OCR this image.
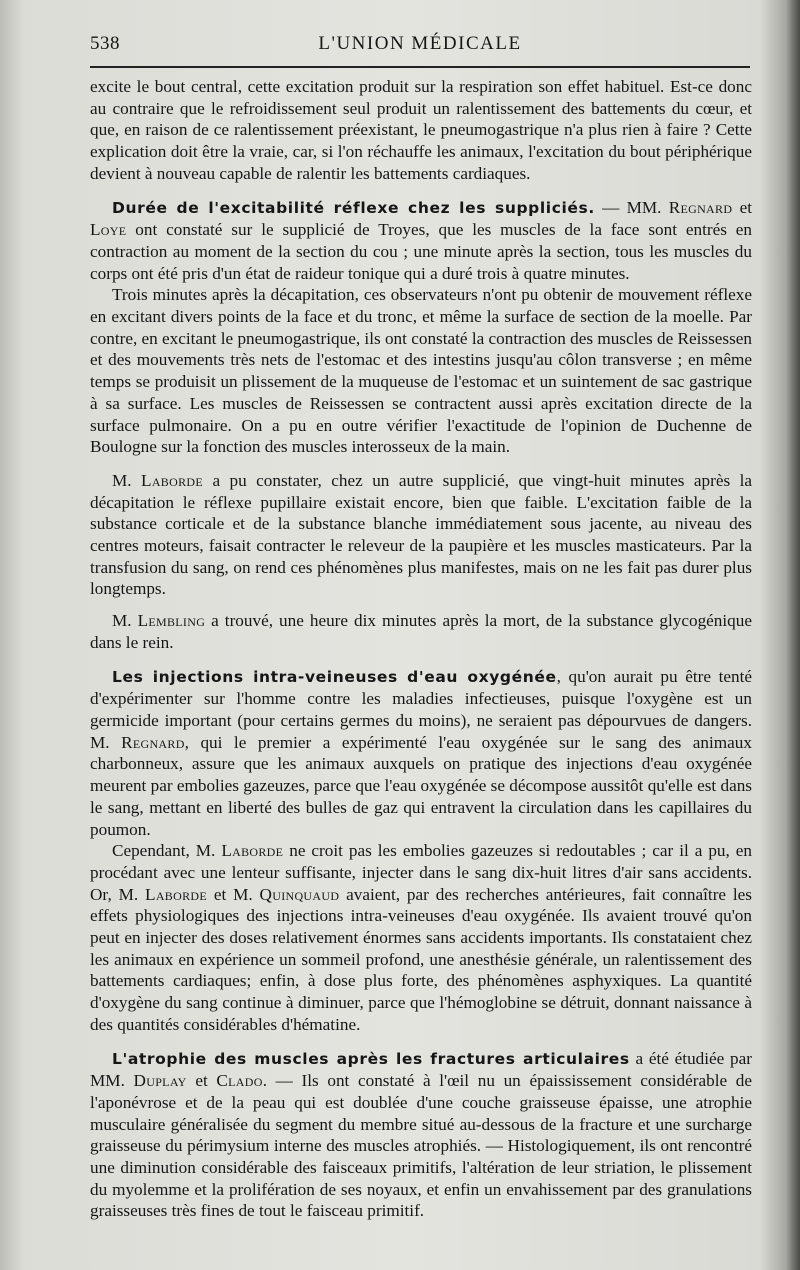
538	L'UNION MÉDICALE

excite le bout central, cette excitation produit sur la respiration son effet habituel. Est-ce donc au contraire que le refroidissement seul produit un ralentissement des battements du cœur, et que, en raison de ce ralentissement préexistant, le pneumogastrique n'a plus rien à faire ? Cette explication doit être la vraie, car, si l'on réchauffe les animaux, l'excitation du bout périphérique devient à nouveau capable de ralentir les battements cardiaques.

Durée de l'excitabilité réflexe chez les suppliciés. — MM. Regnard et Loye ont constaté sur le supplicié de Troyes, que les muscles de la face sont entrés en contraction au moment de la section du cou ; une minute après la section, tous les muscles du corps ont été pris d'un état de raideur tonique qui a duré trois à quatre minutes.

Trois minutes après la décapitation, ces observateurs n'ont pu obtenir de mouvement réflexe en excitant divers points de la face et du tronc, et même la surface de section de la moelle. Par contre, en excitant le pneumogastrique, ils ont constaté la contraction des muscles de Reissessen et des mouvements très nets de l'estomac et des intestins jusqu'au côlon transverse ; en même temps se produisit un plissement de la muqueuse de l'estomac et un suintement de sac gastrique à sa surface. Les muscles de Reissessen se contractent aussi après excitation directe de la surface pulmonaire. On a pu en outre vérifier l'exactitude de l'opinion de Duchenne de Boulogne sur la fonction des muscles interosseux de la main.

M. Laborde a pu constater, chez un autre supplicié, que vingt-huit minutes après la décapitation le réflexe pupillaire existait encore, bien que faible. L'excitation faible de la substance corticale et de la substance blanche immédiatement sous jacente, au niveau des centres moteurs, faisait contracter le releveur de la paupière et les muscles masticateurs. Par la transfusion du sang, on rend ces phénomènes plus manifestes, mais on ne les fait pas durer plus longtemps.

M. Lembling a trouvé, une heure dix minutes après la mort, de la substance glycogénique dans le rein.

Les injections intra-veineuses d'eau oxygénée, qu'on aurait pu être tenté d'expérimenter sur l'homme contre les maladies infectieuses, puisque l'oxygène est un germicide important (pour certains germes du moins), ne seraient pas dépourvues de dangers. M. Regnard, qui le premier a expérimenté l'eau oxygénée sur le sang des animaux charbonneux, assure que les animaux auxquels on pratique des injections d'eau oxygénée meurent par embolies gazeuzes, parce que l'eau oxygénée se décompose aussitôt qu'elle est dans le sang, mettant en liberté des bulles de gaz qui entravent la circulation dans les capillaires du poumon.

Cependant, M. Laborde ne croit pas les embolies gazeuzes si redoutables ; car il a pu, en procédant avec une lenteur suffisante, injecter dans le sang dix-huit litres d'air sans accidents. Or, M. Laborde et M. Quinquaud avaient, par des recherches antérieures, fait connaître les effets physiologiques des injections intra-veineuses d'eau oxygénée. Ils avaient trouvé qu'on peut en injecter des doses relativement énormes sans accidents importants. Ils constataient chez les animaux en expérience un sommeil profond, une anesthésie générale, un ralentissement des battements cardiaques; enfin, à dose plus forte, des phénomènes asphyxiques. La quantité d'oxygène du sang continue à diminuer, parce que l'hémoglobine se détruit, donnant naissance à des quantités considérables d'hématine.

L'atrophie des muscles après les fractures articulaires a été étudiée par MM. Duplay et Clado. — Ils ont constaté à l'œil nu un épaississement considérable de l'aponévrose et de la peau qui est doublée d'une couche graisseuse épaisse, une atrophie musculaire généralisée du segment du membre situé au-dessous de la fracture et une surcharge graisseuse du périmysium interne des muscles atrophiés. — Histologiquement, ils ont rencontré une diminution considérable des faisceaux primitifs, l'altération de leur striation, le plissement du myolemme et la prolifération de ses noyaux, et enfin un envahissement par des granulations graisseuses très fines de tout le faisceau primitif.
